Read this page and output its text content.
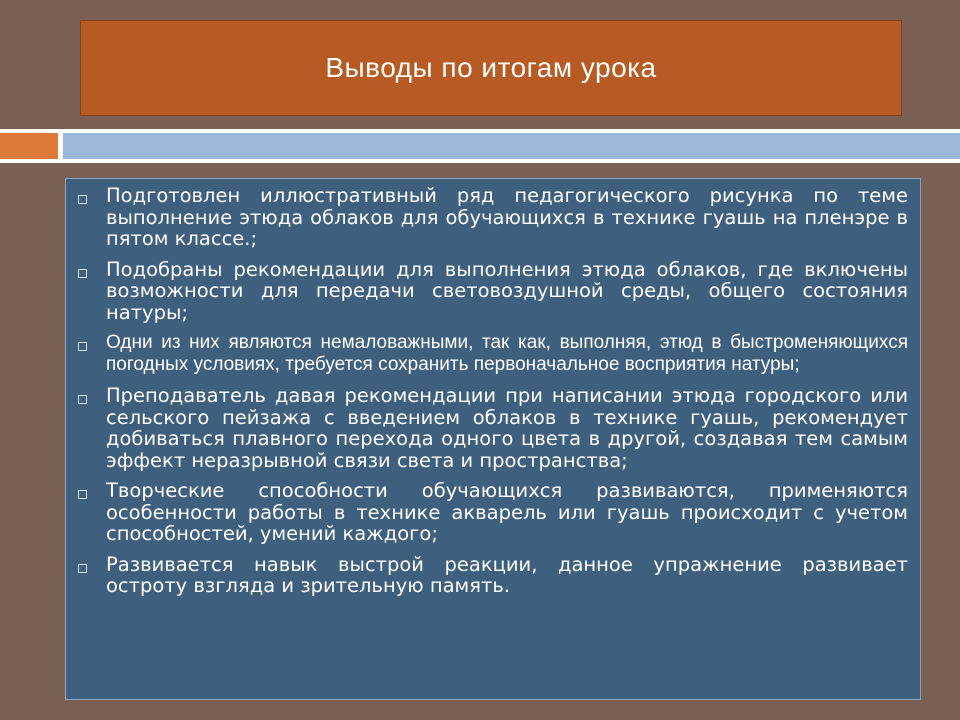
Выводы по итогам урока
Подготовлен иллюстративный ряд педагогического рисунка по теме выполнение этюда облаков для обучающихся в технике гуашь на пленэре в пятом классе.;
Подобраны рекомендации для выполнения этюда облаков, где включены возможности для передачи световоздушной среды, общего состояния натуры;
Одни из них являются немаловажными, так как, выполняя, этюд в быстроменяющихся погодных условиях, требуется сохранить первоначальное восприятия натуры;
Преподаватель давая рекомендации при написании этюда городского или сельского пейзажа с введением облаков в технике гуашь, рекомендует добиваться плавного перехода одного цвета в другой, создавая тем самым эффект неразрывной связи света и пространства;
Творческие способности обучающихся развиваются, применяются особенности работы в технике акварель или гуашь происходит с учетом способностей, умений каждого;
Развивается навык выстрой реакции, данное упражнение развивает остроту взгляда и зрительную память.
